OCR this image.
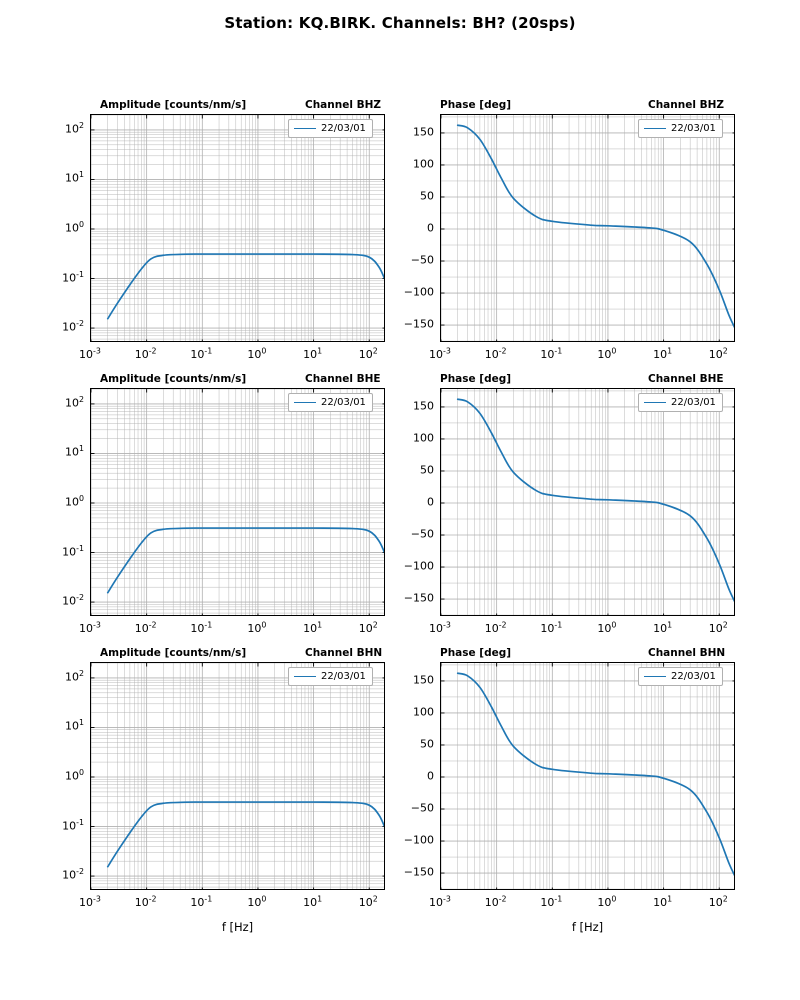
Station: KQ.BIRK. Channels: BH? (20sps)
Amplitude [counts/nm/s]	Channel BHZ	Phase [deg]	Channel BHZ
Amplitude [counts/nm/s]	Channel BHE	Phase [deg]	Channel BHE
Amplitude [counts/nm/s]	Channel BHN	Phase [deg]	Channel BHN
$10^{-3}$	$10^{-2}$	$10^{-1}$	$10^0$	$10^1$	$10^2$
$10^{-2}$
$10^{-1}$
$10^0$
$10^1$
$10^2$	22/03/01
$10^{-3}$	$10^{-2}$	$10^{-1}$	$10^0$	$10^1$	$10^2$
150
100
50
0
−50
−100
−150
22/03/01
$10^{-3}$	$10^{-2}$	$10^{-1}$	$10^0$	$10^1$	$10^2$
$10^{-2}$
$10^{-1}$
$10^0$
$10^1$
$10^2$	22/03/01
$10^{-3}$	$10^{-2}$	$10^{-1}$	$10^0$	$10^1$	$10^2$
150
100
50
0
−50
−100
−150
22/03/01
$10^{-3}$	$10^{-2}$	$10^{-1}$	$10^0$	$10^1$	$10^2$
$10^{-2}$
$10^{-1}$
$10^0$
$10^1$
$10^2$	22/03/01
f [Hz]
$10^{-3}$	$10^{-2}$	$10^{-1}$	$10^0$	$10^1$	$10^2$
150
100
50
0
−50
−100
−150
22/03/01
f [Hz]
